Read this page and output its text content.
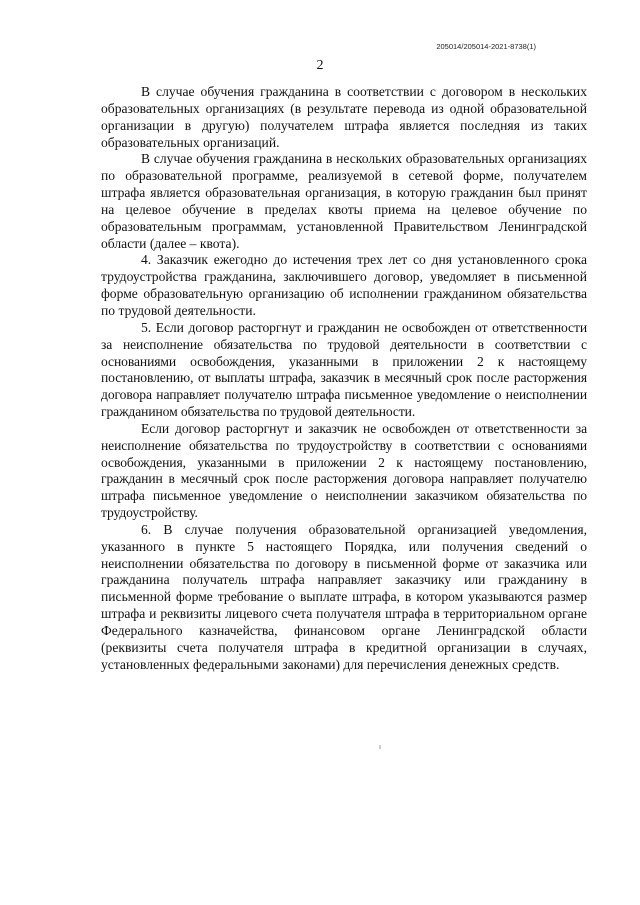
205014/205014-2021-8738(1)
2

В случае обучения гражданина в соответствии с договором в нескольких образовательных организациях (в результате перевода из одной образовательной организации в другую) получателем штрафа является последняя из таких образовательных организаций.

В случае обучения гражданина в нескольких образовательных организациях по образовательной программе, реализуемой в сетевой форме, получателем штрафа является образовательная организация, в которую гражданин был принят на целевое обучение в пределах квоты приема на целевое обучение по образовательным программам, установленной Правительством Ленинградской области (далее – квота).

4. Заказчик ежегодно до истечения трех лет со дня установленного срока трудоустройства гражданина, заключившего договор, уведомляет в письменной форме образовательную организацию об исполнении гражданином обязательства по трудовой деятельности.

5. Если договор расторгнут и гражданин не освобожден от ответственности за неисполнение обязательства по трудовой деятельности в соответствии с основаниями освобождения, указанными в приложении 2 к настоящему постановлению, от выплаты штрафа, заказчик в месячный срок после расторжения договора направляет получателю штрафа письменное уведомление о неисполнении гражданином обязательства по трудовой деятельности.

Если договор расторгнут и заказчик не освобожден от ответственности за неисполнение обязательства по трудоустройству в соответствии с основаниями освобождения, указанными в приложении 2 к настоящему постановлению, гражданин в месячный срок после расторжения договора направляет получателю штрафа письменное уведомление о неисполнении заказчиком обязательства по трудоустройству.

6. В случае получения образовательной организацией уведомления, указанного в пункте 5 настоящего Порядка, или получения сведений о неисполнении обязательства по договору в письменной форме от заказчика или гражданина получатель штрафа направляет заказчику или гражданину в письменной форме требование о выплате штрафа, в котором указываются размер штрафа и реквизиты лицевого счета получателя штрафа в территориальном органе Федерального казначейства, финансовом органе Ленинградской области (реквизиты счета получателя штрафа в кредитной организации в случаях, установленных федеральными законами) для перечисления денежных средств.
